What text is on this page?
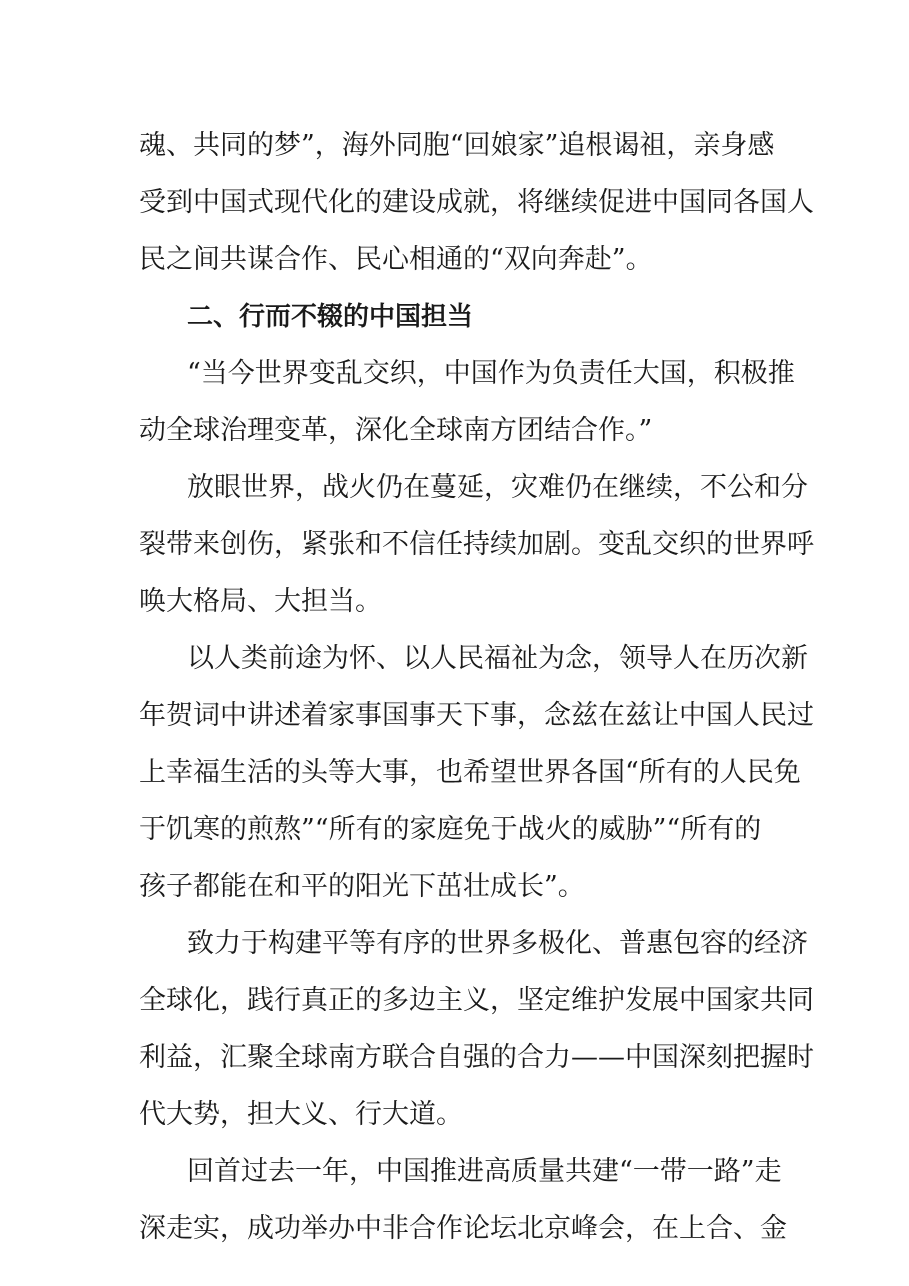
魂、共同的梦”，海外同胞“回娘家”追根谒祖，亲身感
受到中国式现代化的建设成就，将继续促进中国同各国人
民之间共谋合作、民心相通的“双向奔赴”。
二、行而不辍的中国担当
“当今世界变乱交织，中国作为负责任大国，积极推
动全球治理变革，深化全球南方团结合作。”
放眼世界，战火仍在蔓延，灾难仍在继续，不公和分
裂带来创伤，紧张和不信任持续加剧。变乱交织的世界呼
唤大格局、大担当。
以人类前途为怀、以人民福祉为念，领导人在历次新
年贺词中讲述着家事国事天下事，念兹在兹让中国人民过
上幸福生活的头等大事，也希望世界各国“所有的人民免
于饥寒的煎熬”“所有的家庭免于战火的威胁”“所有的
孩子都能在和平的阳光下茁壮成长”。
致力于构建平等有序的世界多极化、普惠包容的经济
全球化，践行真正的多边主义，坚定维护发展中国家共同
利益，汇聚全球南方联合自强的合力——中国深刻把握时
代大势，担大义、行大道。
回首过去一年，中国推进高质量共建“一带一路”走
深走实，成功举办中非合作论坛北京峰会，在上合、金
